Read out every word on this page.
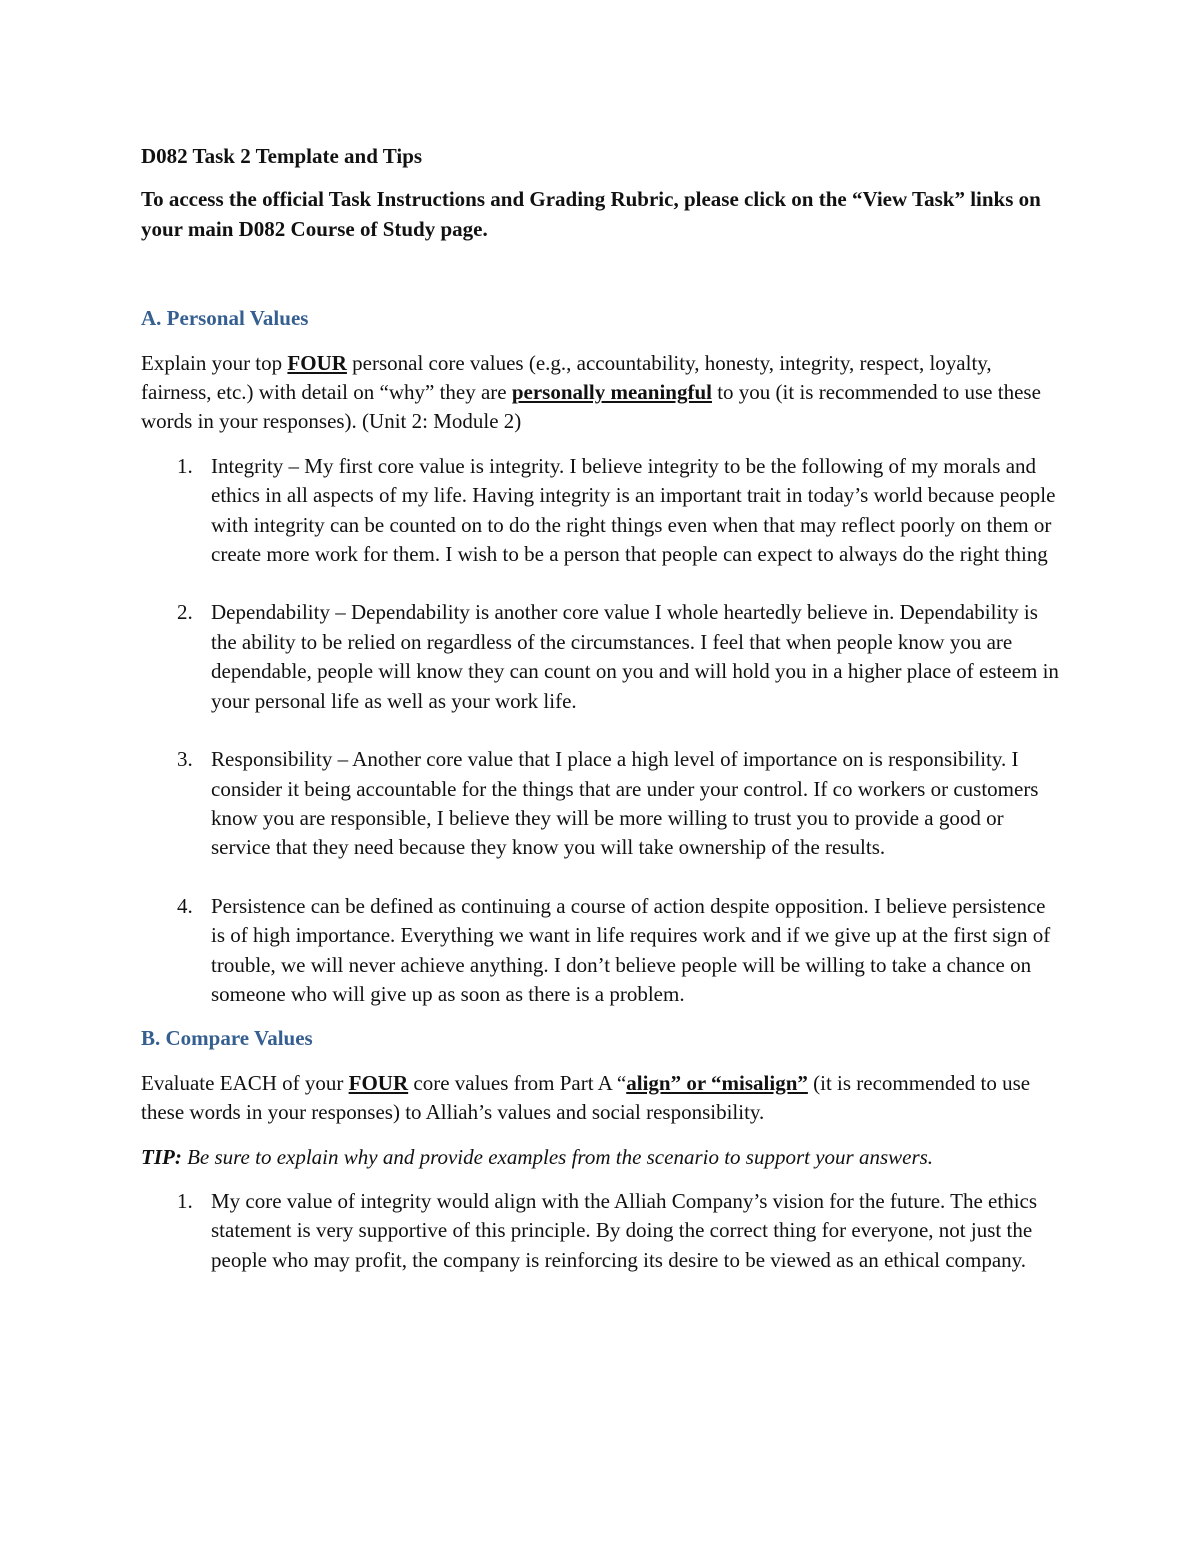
D082 Task 2 Template and Tips

To access the official Task Instructions and Grading Rubric, please click on the “View Task” links on your main D082 Course of Study page.

A. Personal Values

Explain your top FOUR personal core values (e.g., accountability, honesty, integrity, respect, loyalty, fairness, etc.) with detail on “why” they are personally meaningful to you (it is recommended to use these words in your responses). (Unit 2: Module 2)

1. Integrity – My first core value is integrity. I believe integrity to be the following of my morals and ethics in all aspects of my life. Having integrity is an important trait in today’s world because people with integrity can be counted on to do the right things even when that may reflect poorly on them or create more work for them. I wish to be a person that people can expect to always do the right thing
2. Dependability – Dependability is another core value I whole heartedly believe in. Dependability is the ability to be relied on regardless of the circumstances. I feel that when people know you are dependable, people will know they can count on you and will hold you in a higher place of esteem in your personal life as well as your work life.
3. Responsibility – Another core value that I place a high level of importance on is responsibility. I consider it being accountable for the things that are under your control. If co workers or customers know you are responsible, I believe they will be more willing to trust you to provide a good or service that they need because they know you will take ownership of the results.
4. Persistence can be defined as continuing a course of action despite opposition. I believe persistence is of high importance. Everything we want in life requires work and if we give up at the first sign of trouble, we will never achieve anything. I don’t believe people will be willing to take a chance on someone who will give up as soon as there is a problem.
B. Compare Values

Evaluate EACH of your FOUR core values from Part A “align” or “misalign” (it is recommended to use these words in your responses) to Alliah’s values and social responsibility.

TIP: Be sure to explain why and provide examples from the scenario to support your answers.

1. My core value of integrity would align with the Alliah Company’s vision for the future. The ethics statement is very supportive of this principle. By doing the correct thing for everyone, not just the people who may profit, the company is reinforcing its desire to be viewed as an ethical company.
